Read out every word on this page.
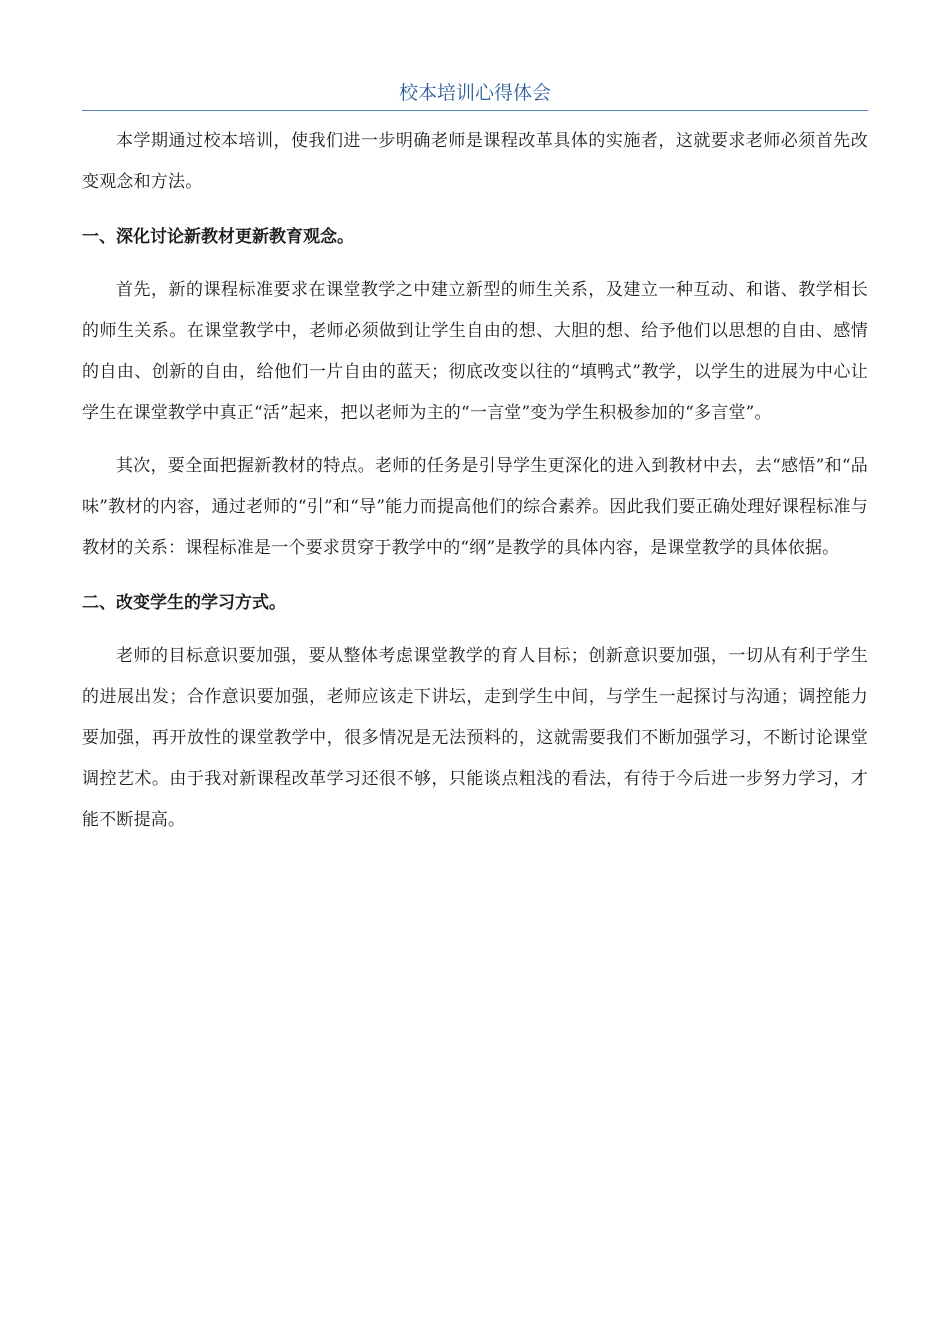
校本培训心得体会

本学期通过校本培训，使我们进一步明确老师是课程改革具体的实施者，这就要求老师必须首先改变观念和方法。

一、深化讨论新教材更新教育观念。

首先，新的课程标准要求在课堂教学之中建立新型的师生关系，及建立一种互动、和谐、教学相长的师生关系。在课堂教学中，老师必须做到让学生自由的想、大胆的想、给予他们以思想的自由、感情的自由、创新的自由，给他们一片自由的蓝天；彻底改变以往的“填鸭式”教学，以学生的进展为中心让学生在课堂教学中真正“活”起来，把以老师为主的“一言堂”变为学生积极参加的“多言堂”。

其次，要全面把握新教材的特点。老师的任务是引导学生更深化的进入到教材中去，去“感悟”和“品味”教材的内容，通过老师的“引”和“导”能力而提高他们的综合素养。因此我们要正确处理好课程标准与教材的关系：课程标准是一个要求贯穿于教学中的“纲”是教学的具体内容，是课堂教学的具体依据。

二、改变学生的学习方式。

老师的目标意识要加强，要从整体考虑课堂教学的育人目标；创新意识要加强，一切从有利于学生的进展出发；合作意识要加强，老师应该走下讲坛，走到学生中间，与学生一起探讨与沟通；调控能力要加强，再开放性的课堂教学中，很多情况是无法预料的，这就需要我们不断加强学习，不断讨论课堂调控艺术。由于我对新课程改革学习还很不够，只能谈点粗浅的看法，有待于今后进一步努力学习，才能不断提高。
